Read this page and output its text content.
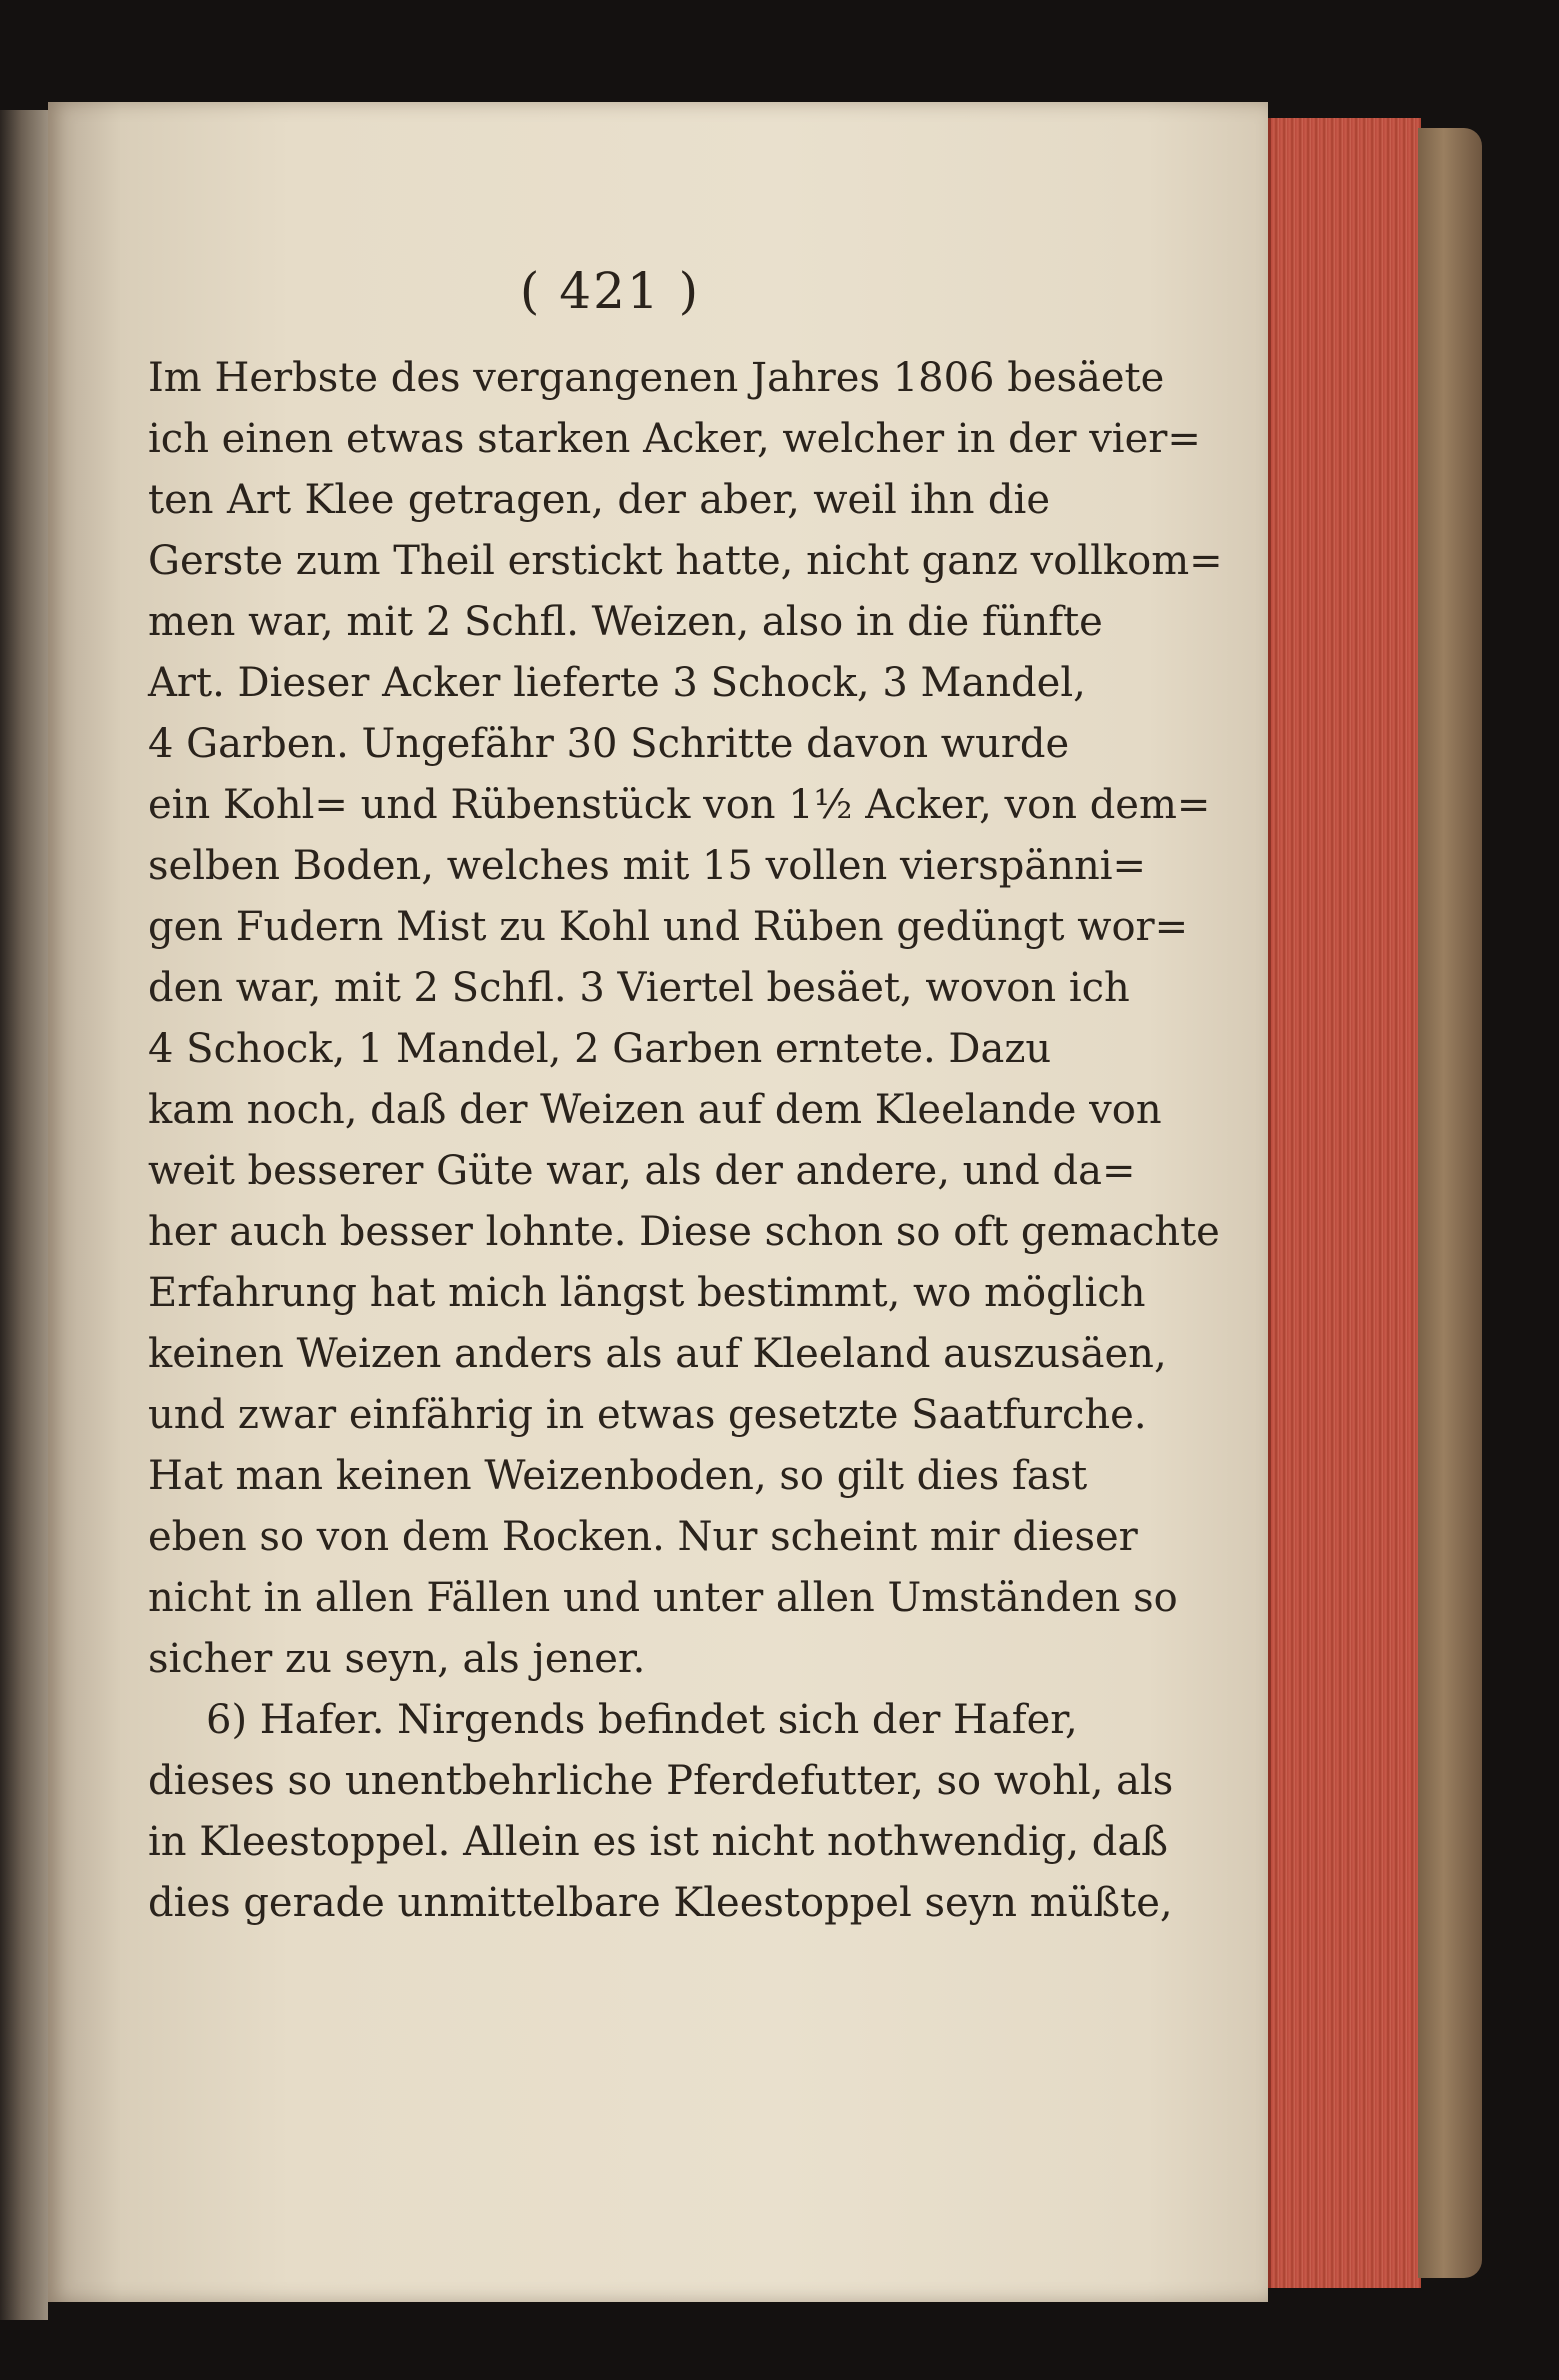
( 421 )
Im Herbste des vergangenen Jahres 1806 besäete
ich einen etwas starken Acker, welcher in der vier=
ten Art Klee getragen, der aber, weil ihn die
Gerste zum Theil erstickt hatte, nicht ganz vollkom=
men war, mit 2 Schfl. Weizen, also in die fünfte
Art. Dieser Acker lieferte 3 Schock, 3 Mandel,
4 Garben. Ungefähr 30 Schritte davon wurde
ein Kohl= und Rübenstück von 1½ Acker, von dem=
selben Boden, welches mit 15 vollen vierspänni=
gen Fudern Mist zu Kohl und Rüben gedüngt wor=
den war, mit 2 Schfl. 3 Viertel besäet, wovon ich
4 Schock, 1 Mandel, 2 Garben erntete. Dazu
kam noch, daß der Weizen auf dem Kleelande von
weit besserer Güte war, als der andere, und da=
her auch besser lohnte. Diese schon so oft gemachte
Erfahrung hat mich längst bestimmt, wo möglich
keinen Weizen anders als auf Kleeland auszusäen,
und zwar einfährig in etwas gesetzte Saatfurche.
Hat man keinen Weizenboden, so gilt dies fast
eben so von dem Rocken. Nur scheint mir dieser
nicht in allen Fällen und unter allen Umständen so
sicher zu seyn, als jener.
6) Hafer. Nirgends befindet sich der Hafer,
dieses so unentbehrliche Pferdefutter, so wohl, als
in Kleestoppel. Allein es ist nicht nothwendig, daß
dies gerade unmittelbare Kleestoppel seyn müßte,
